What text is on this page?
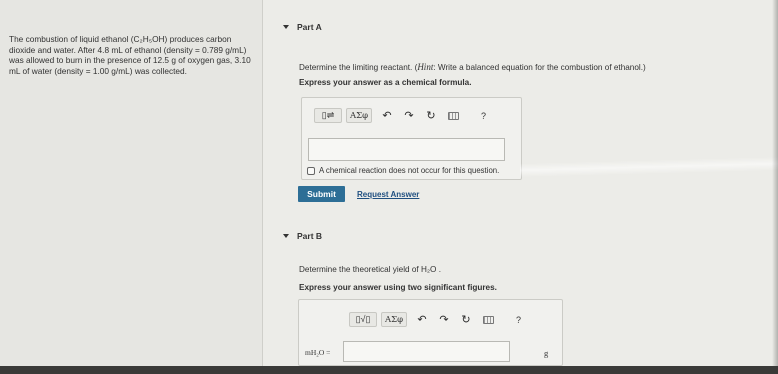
The combustion of liquid ethanol (C₂H₅OH) produces carbon dioxide and water. After 4.8 mL of ethanol (density = 0.789 g/mL) was allowed to burn in the presence of 12.5 g of oxygen gas, 3.10 mL of water (density = 1.00 g/mL) was collected.
Part A
Determine the limiting reactant. (Hint: Write a balanced equation for the combustion of ethanol.)
Express your answer as a chemical formula.
▯⇌	ΑΣφ	↶ ↷ ↻	?
A chemical reaction does not occur for this question.
Submit	Request Answer
Part B
Determine the theoretical yield of H₂O .
Express your answer using two significant figures.
▯√▯	ΑΣφ	↶ ↷ ↻	?
mH₂O =	g
